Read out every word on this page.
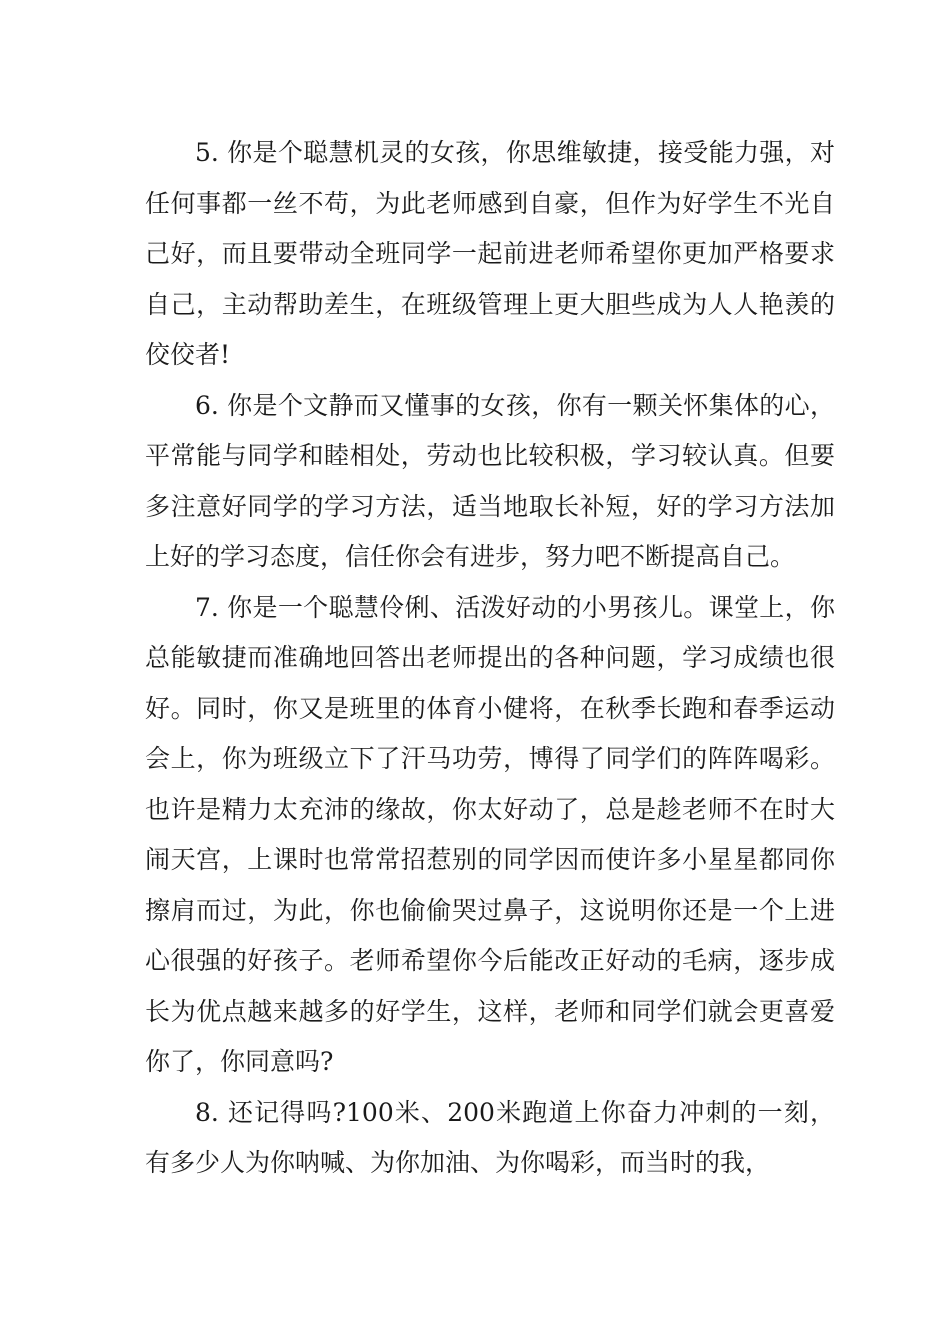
5. 你是个聪慧机灵的女孩，你思维敏捷，接受能力强，对任何事都一丝不苟，为此老师感到自豪，但作为好学生不光自己好，而且要带动全班同学一起前进老师希望你更加严格要求自己，主动帮助差生，在班级管理上更大胆些成为人人艳羡的佼佼者!

6. 你是个文静而又懂事的女孩，你有一颗关怀集体的心，平常能与同学和睦相处，劳动也比较积极，学习较认真。但要多注意好同学的学习方法，适当地取长补短，好的学习方法加上好的学习态度，信任你会有进步，努力吧不断提高自己。

7. 你是一个聪慧伶俐、活泼好动的小男孩儿。课堂上，你总能敏捷而准确地回答出老师提出的各种问题，学习成绩也很好。同时，你又是班里的体育小健将，在秋季长跑和春季运动会上，你为班级立下了汗马功劳，博得了同学们的阵阵喝彩。也许是精力太充沛的缘故，你太好动了，总是趁老师不在时大闹天宫，上课时也常常招惹别的同学因而使许多小星星都同你擦肩而过，为此，你也偷偷哭过鼻子，这说明你还是一个上进心很强的好孩子。老师希望你今后能改正好动的毛病，逐步成长为优点越来越多的好学生，这样，老师和同学们就会更喜爱你了，你同意吗?

8. 还记得吗?100米、200米跑道上你奋力冲刺的一刻，有多少人为你呐喊、为你加油、为你喝彩，而当时的我，
